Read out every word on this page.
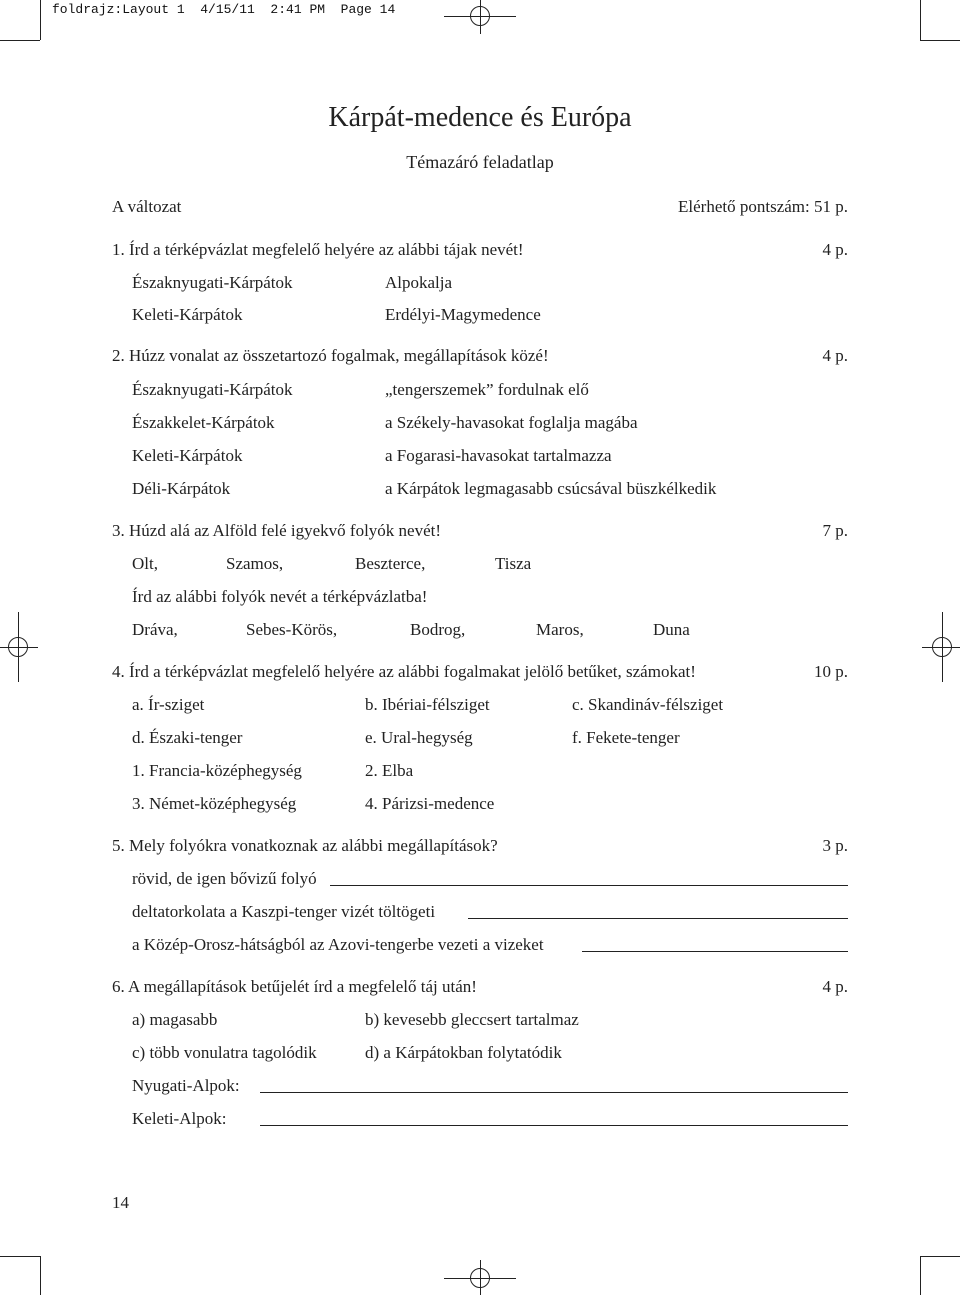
foldrajz:Layout 1  4/15/11  2:41 PM  Page 14
Kárpát-medence és Európa
Témazáró feladatlap
A változat	Elérhető pontszám: 51 p.
1. Írd a térképvázlat megfelelő helyére az alábbi tájak nevét!	4 p.
Északnyugati-Kárpátok	Alpokalja
Keleti-Kárpátok	Erdélyi-Magymedence
2. Húzz vonalat az összetartozó fogalmak, megállapítások közé!	4 p.
Északnyugati-Kárpátok	„tengerszemek” fordulnak elő
Északkelet-Kárpátok	a Székely-havasokat foglalja magába
Keleti-Kárpátok	a Fogarasi-havasokat tartalmazza
Déli-Kárpátok	a Kárpátok legmagasabb csúcsával büszkélkedik
3. Húzd alá az Alföld felé igyekvő folyók nevét!	7 p.
Olt,	Szamos,	Beszterce,	Tisza
Írd az alábbi folyók nevét a térképvázlatba!
Dráva,	Sebes-Körös,	Bodrog,	Maros,	Duna
4. Írd a térképvázlat megfelelő helyére az alábbi fogalmakat jelölő betűket, számokat!	10 p.
a. Ír-sziget	b. Ibériai-félsziget	c. Skandináv-félsziget
d. Északi-tenger	e. Ural-hegység	f. Fekete-tenger
1. Francia-középhegység	2. Elba
3. Német-középhegység	4. Párizsi-medence
5. Mely folyókra vonatkoznak az alábbi megállapítások?	3 p.
rövid, de igen bővizű folyó
deltatorkolata a Kaszpi-tenger vizét töltögeti
a Közép-Orosz-hátságból az Azovi-tengerbe vezeti a vizeket
6. A megállapítások betűjelét írd a megfelelő táj után!	4 p.
a) magasabb	b) kevesebb gleccsert tartalmaz
c) több vonulatra tagolódik	d) a Kárpátokban folytatódik
Nyugati-Alpok:
Keleti-Alpok:
14
